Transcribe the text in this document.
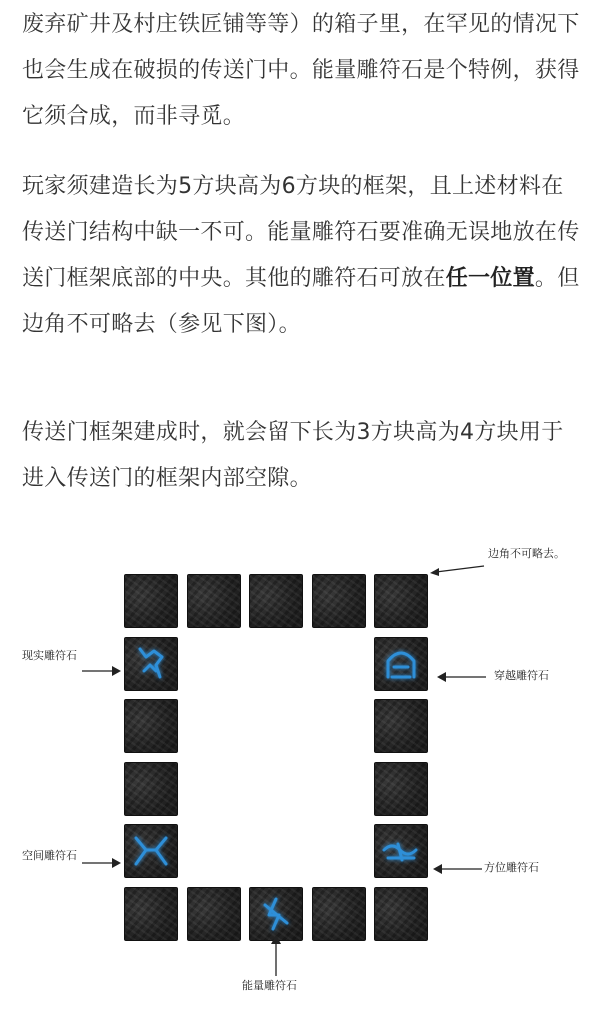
废弃矿井及村庄铁匠铺等等）的箱子里，在罕见的情况下也会生成在破损的传送门中。能量雕符石是个特例，获得它须合成，而非寻觅。

玩家须建造长为5方块高为6方块的框架，且上述材料在传送门结构中缺一不可。能量雕符石要准确无误地放在传送门框架底部的中央。其他的雕符石可放在任一位置。但边角不可略去（参见下图）。

传送门框架建成时，就会留下长为3方块高为4方块用于进入传送门的框架内部空隙。

边角不可略去。
现实雕符石
穿越雕符石
空间雕符石
方位雕符石
能量雕符石
